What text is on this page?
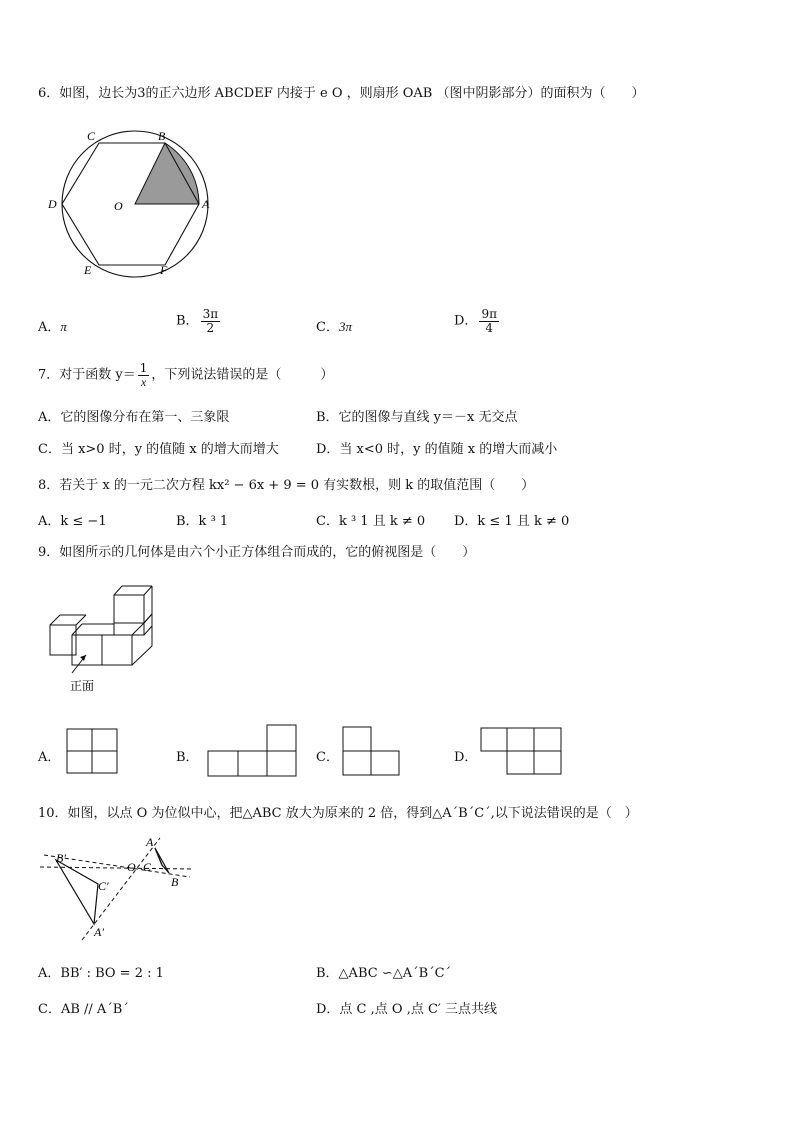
6．如图，边长为3的正六边形 ABCDEF 内接于 e O ，则扇形 OAB （图中阴影部分）的面积为（　　）
B
C
D	A
O
E	F
A．π	B． $\frac{3\pi}{2}$	C．3π	D． $\frac{9\pi}{4}$
7．对于函数 $y= \frac{1}{x}$ ，下列说法错误的是（　　　）
A．它的图像分布在第一、三象限	B．它的图像与直线 y＝－x 无交点
C．当 x>0 时，y 的值随 x 的增大而增大	D．当 x<0 时，y 的值随 x 的增大而减小
8．若关于 x 的一元二次方程 kx² − 6x + 9 = 0 有实数根，则 k 的取值范围（　　）
A．k ≤ −1	B．k ³ 1	C．k ³ 1 且 k ≠ 0 D．k ≤ 1 且 k ≠ 0
9．如图所示的几何体是由六个小正方体组合而成的，它的俯视图是（　　）
正面
A．	B．	C．	D．
10．如图，以点 O 为位似中心，把△ABC 放大为原来的 2 倍，得到△A´B´C´,以下说法错误的是（　）
B′
C′
A′
O C
A
B
A．BB′ : BO = 2 : 1	B．△ABC ∽△A´B´C´
C．AB // A´B´	D．点 C ,点 O ,点 C′ 三点共线
